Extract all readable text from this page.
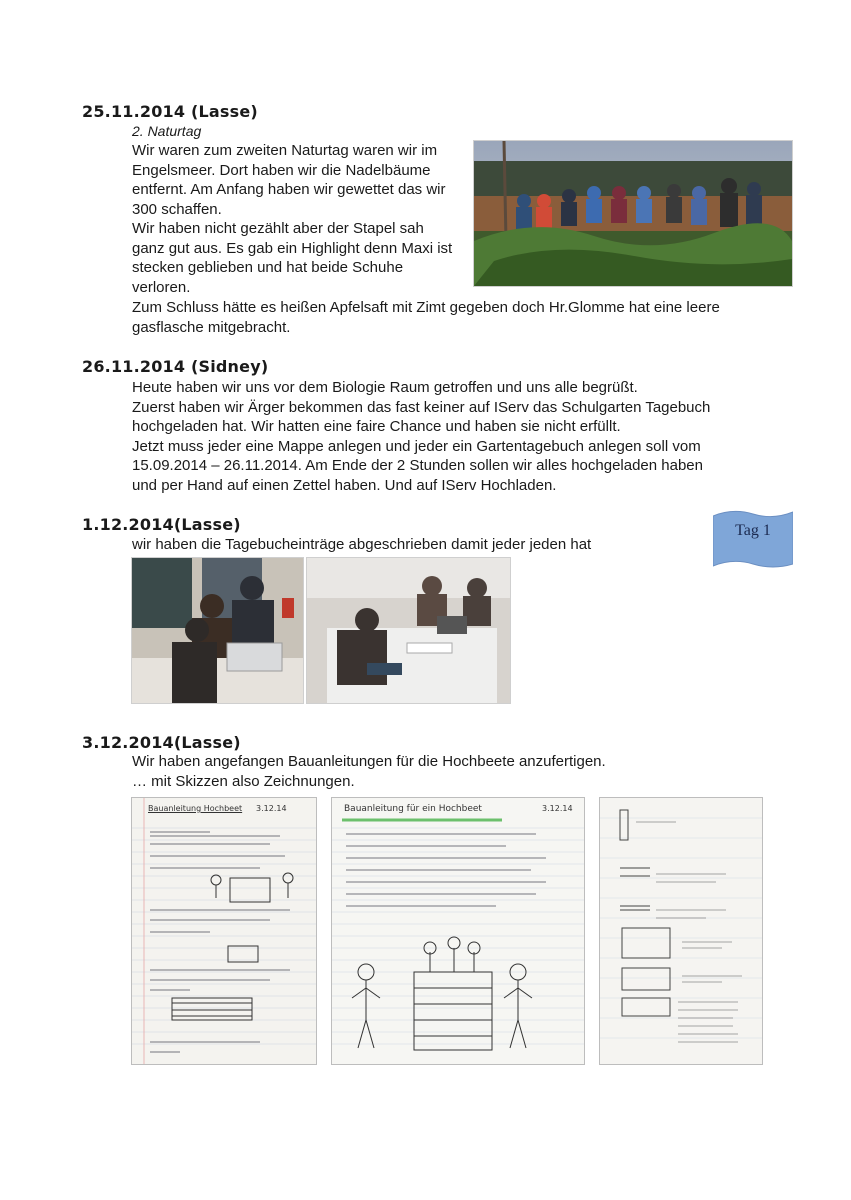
25.11.2014 (Lasse)
2. Naturtag
Wir waren zum zweiten Naturtag waren wir im
Engelsmeer. Dort haben wir die Nadelbäume
entfernt. Am Anfang haben wir gewettet das wir
300 schaffen.
Wir haben nicht gezählt aber der Stapel sah
ganz gut aus. Es gab ein Highlight denn Maxi ist
stecken geblieben und hat beide Schuhe
verloren.
Zum Schluss hätte es heißen Apfelsaft mit Zimt gegeben doch Hr.Glomme hat eine leere
gasflasche mitgebracht.
26.11.2014 (Sidney)
Heute haben wir uns vor dem Biologie Raum getroffen und uns alle begrüßt.
Zuerst haben wir Ärger bekommen das fast keiner auf IServ das Schulgarten Tagebuch
hochgeladen hat. Wir hatten eine faire Chance und haben sie nicht erfüllt.
Jetzt muss jeder eine Mappe anlegen und jeder ein Gartentagebuch anlegen soll vom
15.09.2014 – 26.11.2014. Am Ende der 2 Stunden sollen wir alles hochgeladen haben
und per Hand auf einen Zettel haben. Und auf IServ Hochladen.
1.12.2014(Lasse)
wir haben die Tagebucheinträge abgeschrieben damit jeder jeden hat
Tag 1
3.12.2014(Lasse)
Wir haben angefangen Bauanleitungen für die Hochbeete anzufertigen.
… mit Skizzen also Zeichnungen.
Bauanleitung Hochbeet 3.12.14	Bauanleitung für ein Hochbeet	3.12.14
